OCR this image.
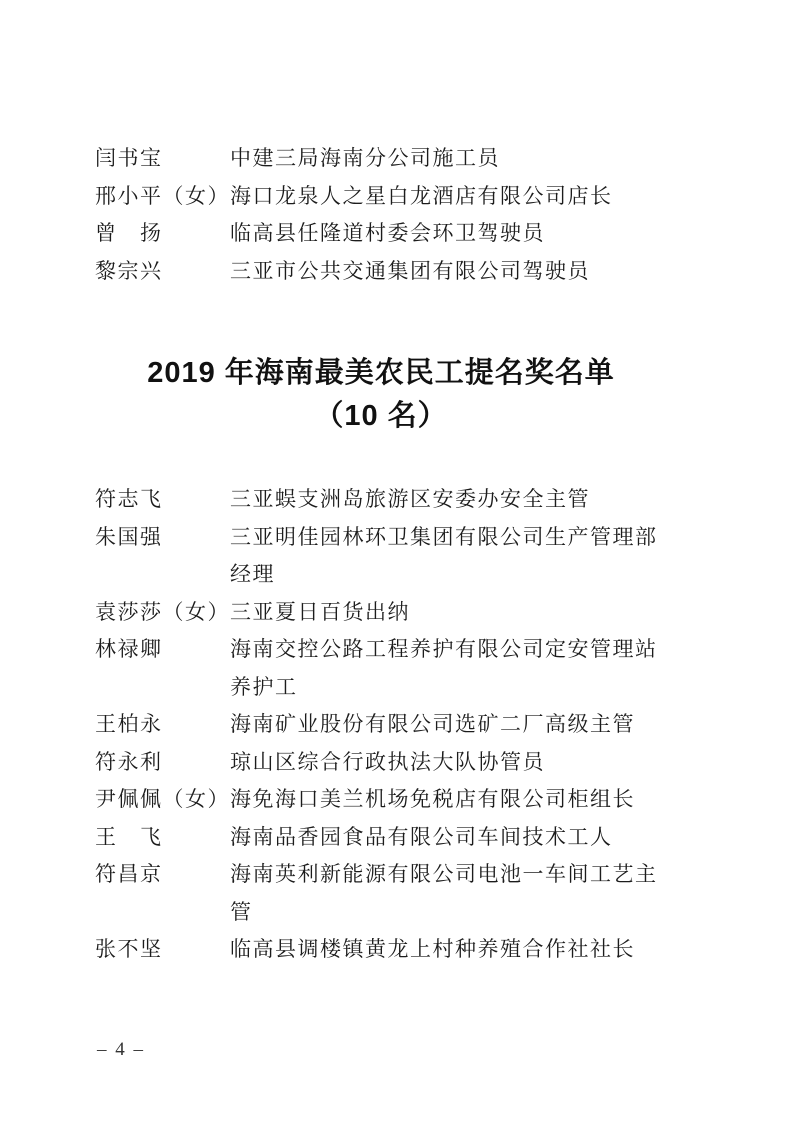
闫书宝	中建三局海南分公司施工员
邢小平（女） 海口龙泉人之星白龙酒店有限公司店长
曾　扬	临高县任隆道村委会环卫驾驶员
黎宗兴	三亚市公共交通集团有限公司驾驶员
2019 年海南最美农民工提名奖名单
（10 名）
符志飞	三亚蜈支洲岛旅游区安委办安全主管
朱国强	三亚明佳园林环卫集团有限公司生产管理部经理
袁莎莎（女） 三亚夏日百货出纳
林禄卿	海南交控公路工程养护有限公司定安管理站养护工
王柏永	海南矿业股份有限公司选矿二厂高级主管
符永利	琼山区综合行政执法大队协管员
尹佩佩（女） 海免海口美兰机场免税店有限公司柜组长
王　飞	海南品香园食品有限公司车间技术工人
符昌京	海南英利新能源有限公司电池一车间工艺主管
张不坚	临高县调楼镇黄龙上村种养殖合作社社长
– 4 –
